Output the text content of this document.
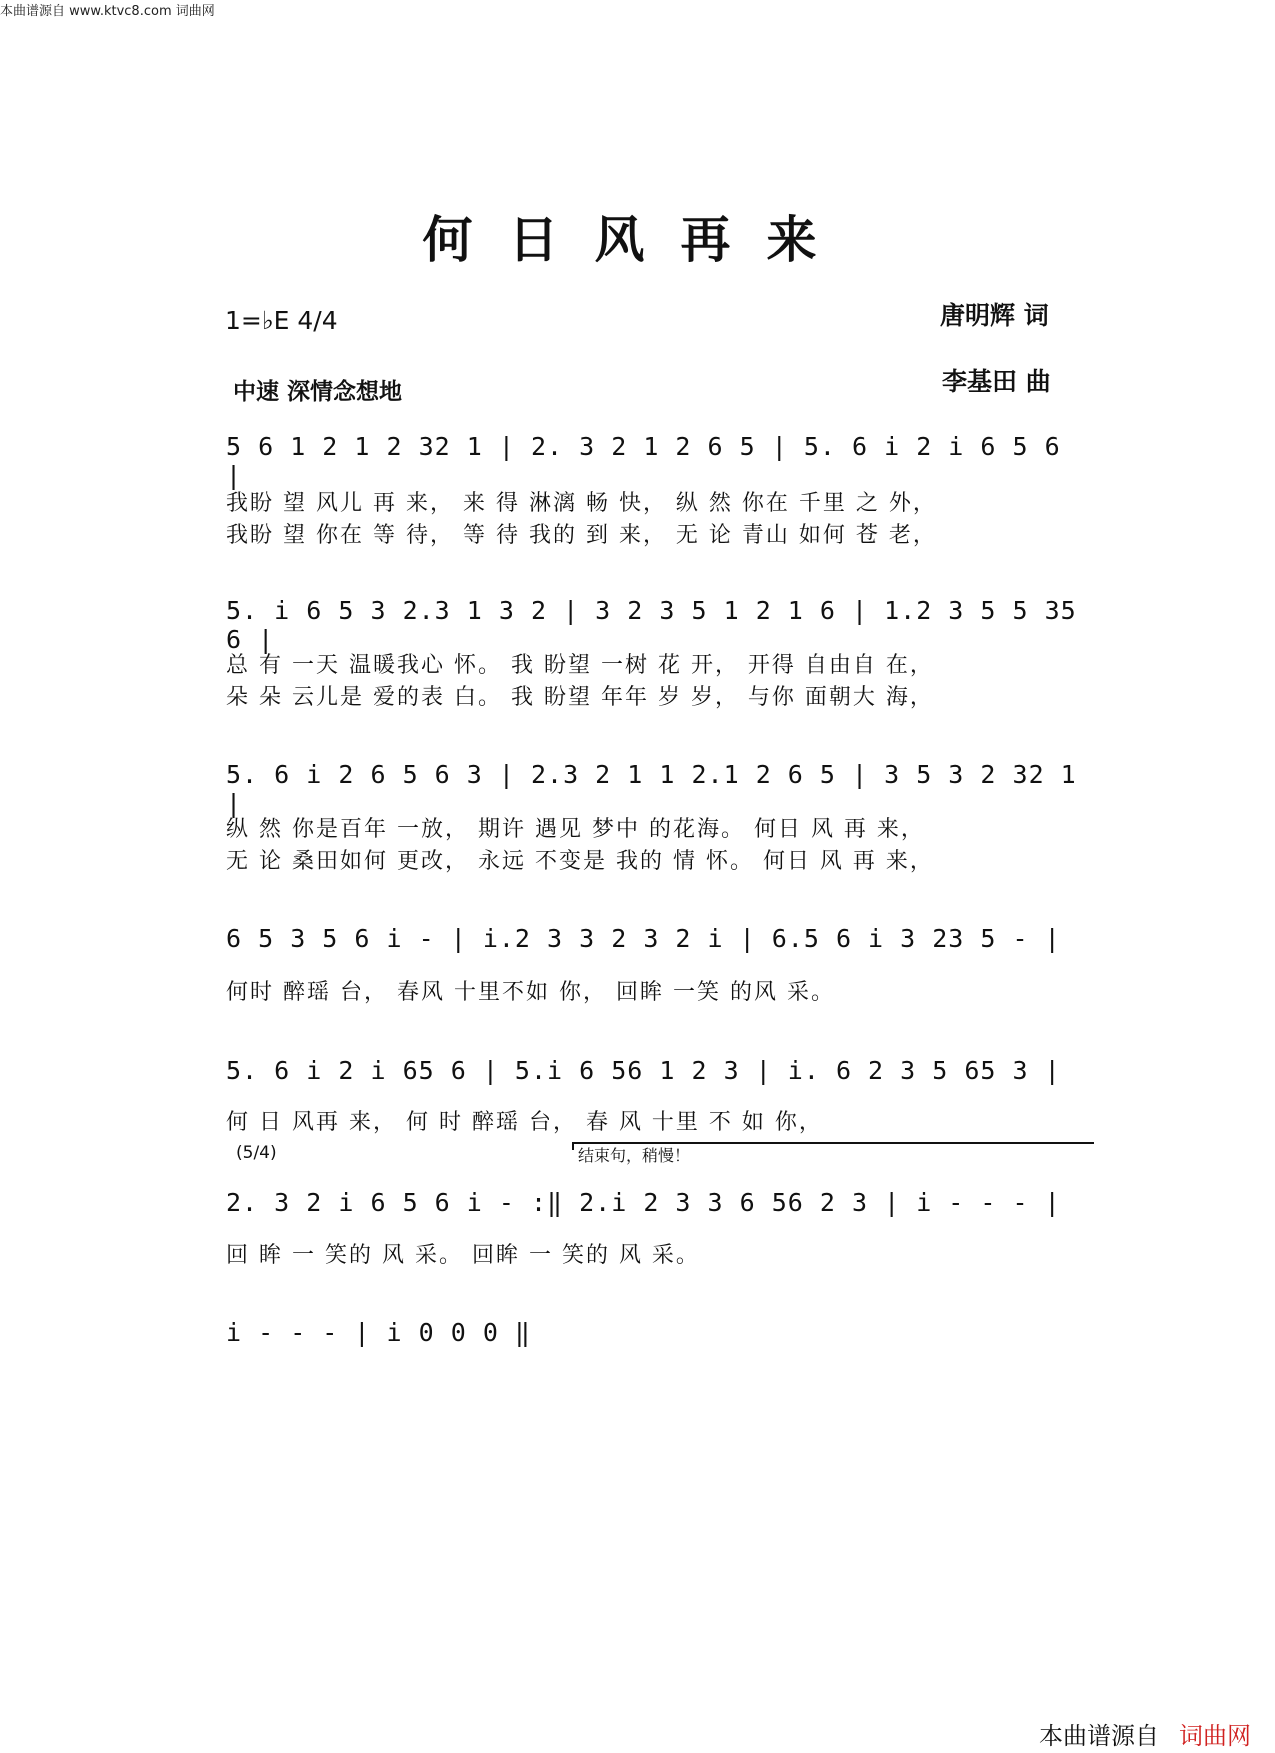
本曲谱源自 www.ktvc8.com 词曲网
何日风再来
1=♭E 4/4	唐明辉 词
李基田 曲
中速 深情念想地
5 6 1 2 1 2 32 1 | 2. 3 2 1 2 6 5 | 5. 6 i 2 i 6 5 6 |
我盼 望 风儿 再 来， 来 得 淋漓 畅 快， 纵 然 你在 千里 之 外，
我盼 望 你在 等 待， 等 待 我的 到 来， 无 论 青山 如何 苍 老，
5. i 6 5 3 2.3 1 3 2 | 3 2 3 5 1 2 1 6 | 1.2 3 5 5 35 6 |
总 有 一天 温暖我心 怀。 我 盼望 一树 花 开， 开得 自由自 在，
朵 朵 云儿是 爱的表 白。 我 盼望 年年 岁 岁， 与你 面朝大 海，
5. 6 i 2 6 5 6 3 | 2.3 2 1 1 2.1 2 6 5 | 3 5 3 2 32 1 |
纵 然 你是百年 一放， 期许 遇见 梦中 的花海。 何日 风 再 来，
无 论 桑田如何 更改， 永远 不变是 我的 情 怀。 何日 风 再 来，
6 5 3 5 6 i - | i.2 3 3 2 3 2 i | 6.5 6 i 3 23 5 - |
何时 醉瑶 台， 春风 十里不如 你， 回眸 一笑 的风 采。
5. 6 i 2 i 65 6 | 5.i 6 56 1 2 3 | i. 6 2 3 5 65 3 |
何 日 风再 来， 何 时 醉瑶 台， 春 风 十里 不 如 你，
(5/4)	结束句，稍慢！
2. 3 2 i 6 5 6 i - :‖ 2.i 2 3 3 6 56 2 3 | i - - - |
回 眸 一 笑的 风 采。 回眸 一 笑的 风 采。
i - - - | i 0 0 0 ‖
本曲谱源自 词曲网
